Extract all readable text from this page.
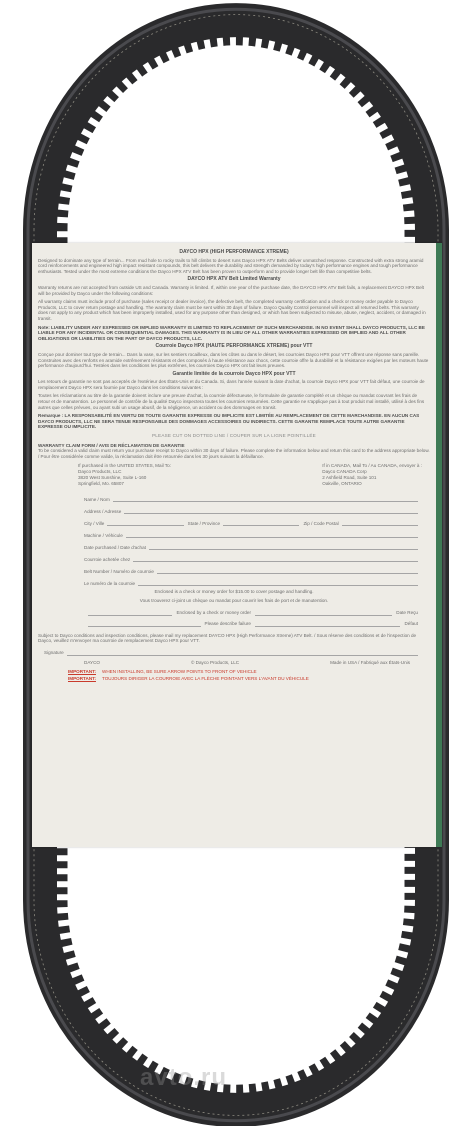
DAYCO HPX (HIGH PERFORMANCE XTREME)

Designed to dominate any type of terrain... From mud hole to rocky trails to hill climbs to desert runs Dayco HPX ATV Belts deliver unmatched response. Constructed with extra strong aramid cord reinforcements and engineered high impact resistant compounds, this belt delivers the durability and strength demanded by today's high performance engines and tough performance enthusiasts. Tested under the most extreme conditions the Dayco HPX ATV Belt has been proven to outperform and to provide longer belt life than competitive belts.

DAYCO HPX ATV Belt Limited Warranty

Warranty returns are not accepted from outside US and Canada. Warranty is limited. If, within one year of the purchase date, the DAYCO HPX ATV Belt fails, a replacement DAYCO HPX Belt will be provided by Dayco under the following conditions:

All warranty claims must include proof of purchase (sales receipt or dealer invoice), the defective belt, the completed warranty certification and a check or money order payable to Dayco Products, LLC to cover return postage and handling. The warranty claim must be sent within 30 days of failure. Dayco Quality Control personnel will inspect all returned belts. This warranty does not apply to any product which has been improperly installed, used for any purpose other than designed, or which has been subjected to misuse, abuse, neglect, accident, or damaged in transit.

Note: LIABILITY UNDER ANY EXPRESSED OR IMPLIED WARRANTY IS LIMITED TO REPLACEMENT OF SUCH MERCHANDISE. IN NO EVENT SHALL DAYCO PRODUCTS, LLC BE LIABLE FOR ANY INCIDENTAL OR CONSEQUENTIAL DAMAGES. THIS WARRANTY IS IN LIEU OF ALL OTHER WARRANTIES EXPRESSED OR IMPLIED AND ALL OTHER OBLIGATIONS OR LIABILITIES ON THE PART OF DAYCO PRODUCTS, LLC.

Courroie Dayco HPX (HAUTE PERFORMANCE XTREME) pour VTT

Conçue pour dominer tout type de terrain... Dans la vase, sur les sentiers rocailleux, dans les côtes ou dans le désert, les courroies Dayco HPX pour VTT offrent une réponse sans pareille. Construites avec des renforts en aramide extrêmement résistants et des composés à haute résistance aux chocs, cette courroie offre la durabilité et la résistance exigées par les moteurs haute performance d'aujourd'hui. Testées dans les conditions les plus extrêmes, les courroies Dayco HPX ont fait leurs preuves.

Garantie limitée de la courroie Dayco HPX pour VTT

Les retours de garantie ne sont pas acceptés de l'extérieur des États-Unis et du Canada. Si, dans l'année suivant la date d'achat, la courroie Dayco HPX pour VTT fait défaut, une courroie de remplacement Dayco HPX sera fournie par Dayco dans les conditions suivantes :

Toutes les réclamations au titre de la garantie doivent inclure une preuve d'achat, la courroie défectueuse, le formulaire de garantie complété et un chèque ou mandat couvrant les frais de retour et de manutention. Le personnel de contrôle de la qualité Dayco inspectera toutes les courroies retournées. Cette garantie ne s'applique pas à tout produit mal installé, utilisé à des fins autres que celles prévues, ou ayant subi un usage abusif, de la négligence, un accident ou des dommages en transit.

Remarque : LA RESPONSABILITÉ EN VERTU DE TOUTE GARANTIE EXPRESSE OU IMPLICITE EST LIMITÉE AU REMPLACEMENT DE CETTE MARCHANDISE. EN AUCUN CAS DAYCO PRODUCTS, LLC NE SERA TENUE RESPONSABLE DES DOMMAGES ACCESSOIRES OU INDIRECTS. CETTE GARANTIE REMPLACE TOUTE AUTRE GARANTIE EXPRESSE OU IMPLICITE.

PLEASE CUT ON DOTTED LINE / COUPER SUR LA LIGNE POINTILLÉE
WARRANTY CLAIM FORM / AVIS DE RÉCLAMATION DE GARANTIE

To be considered a valid claim must return your purchase receipt to Dayco within 30 days of failure. Please complete the information below and return this card to the address appropriate below. / Pour être considérée comme valide, la réclamation doit être retournée dans les 30 jours suivant la défaillance.

If purchased in the UNITED STATES, Mail To:
Dayco Products, LLC
3820 West Sunshine, Suite L-160
Springfield, Mo. 65807
If in CANADA, Mail To / Au CANADA, envoyer à :
Dayco CANADA Corp
2 Ashfield Road, Suite 101
Oakville, ONTARIO
Name / Nom
Address / Adresse
City / Ville	State / Province	Zip / Code Postal
Machine / Véhicule
Date purchased / Date d'achat
Courroie achetée chez
Belt Number / Numéro de courroie
Le numéro de la courroie
Enclosed is a check or money order for $15.00 to cover postage and handling.
Vous trouverez ci-joint un chèque ou mandat pour couvrir les frais de port et de manutention.
Enclosed by a check or money order	Date Reçu
Please describe failure	Défaut

Subject to Dayco conditions and inspection conditions, please mail my replacement DAYCO HPX (High Performance Xtreme) ATV Belt. / Sous réserve des conditions et de l'inspection de Dayco, veuillez m'envoyer ma courroie de remplacement Dayco HPX pour VTT.

Signature
DAYCO	© Dayco Products, LLC	Made in USA / Fabriqué aux États-Unis
IMPORTANT: WHEN INSTALLING, BE SURE ARROW POINTS TO FRONT OF VEHICLE
IMPORTANT: TOUJOURS DIRIGER LA COURROIE AVEC LA FLÈCHE POINTANT VERS L'AVANT DU VÉHICULE
avto.ru
